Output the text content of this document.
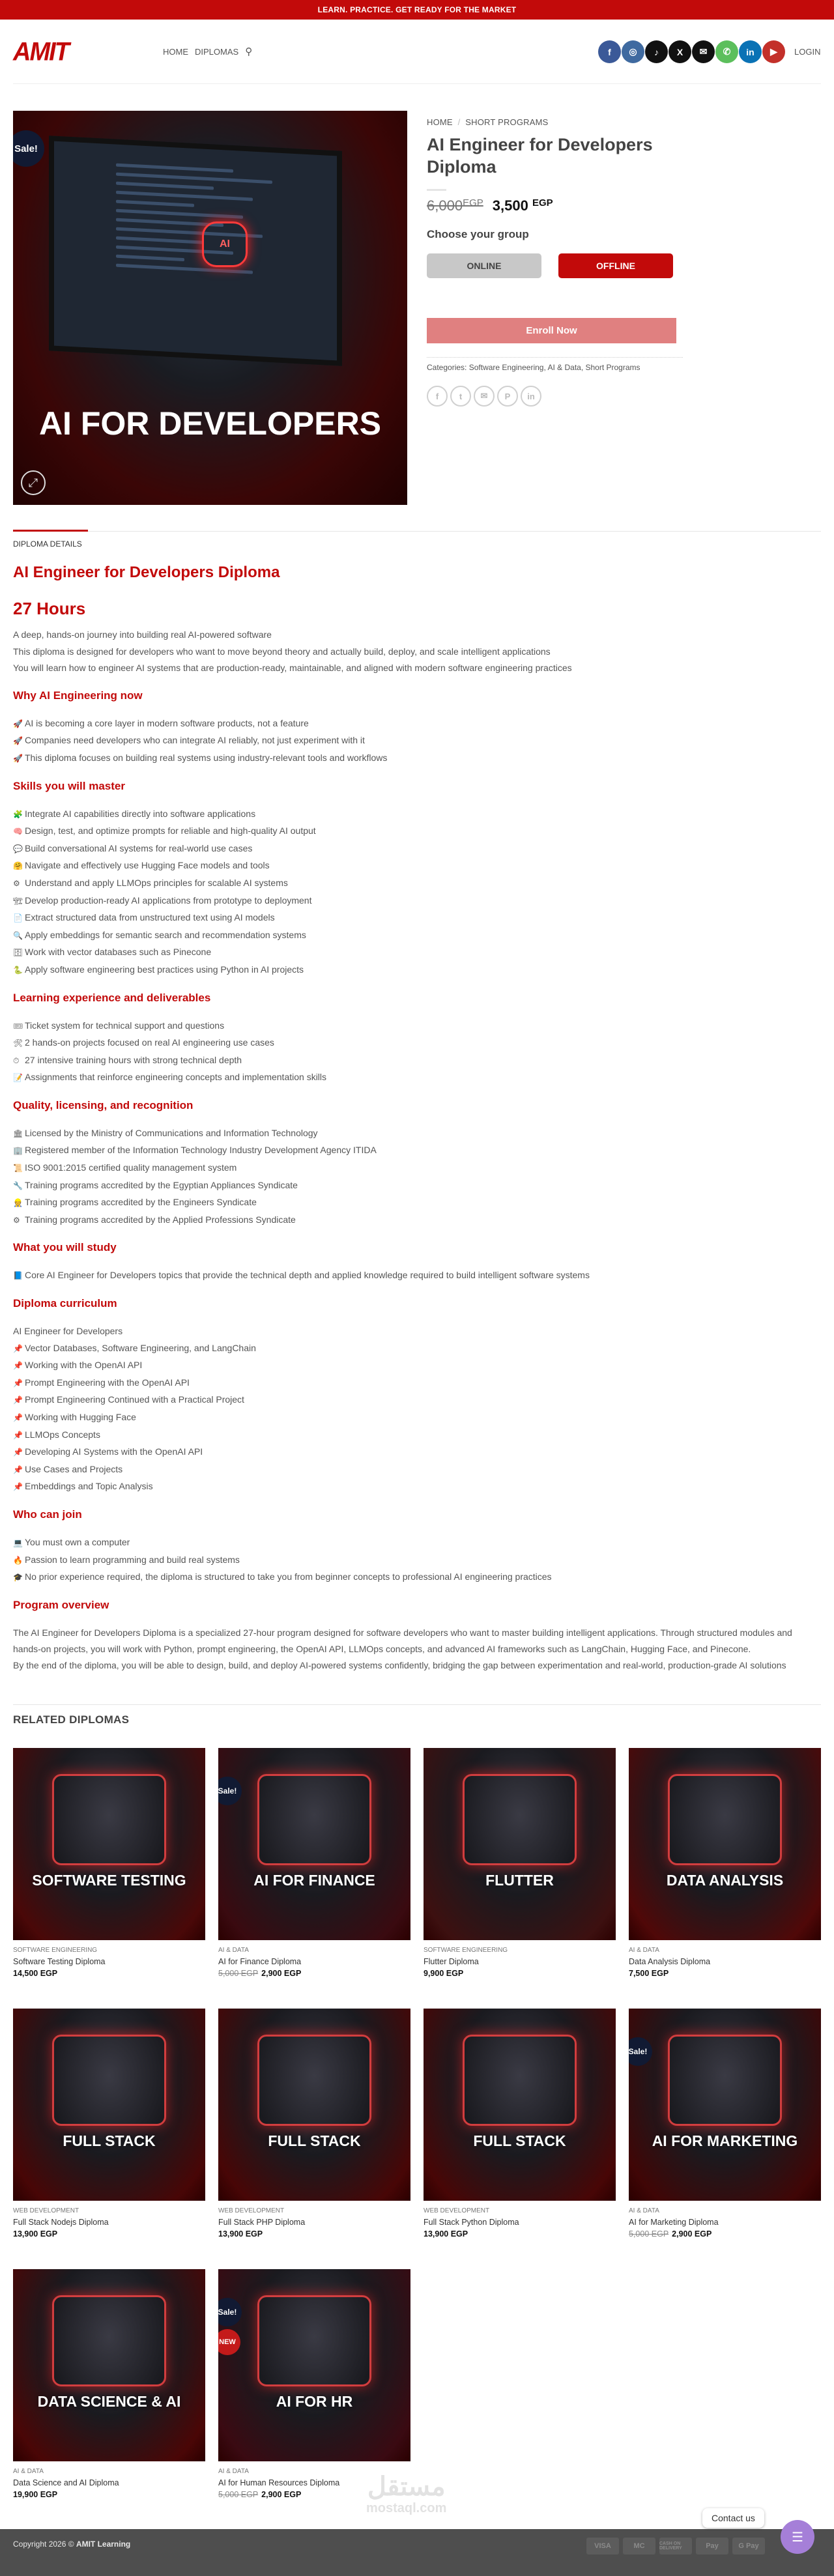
LEARN. PRACTICE. GET READY FOR THE MARKET
AMIT	HOME DIPLOMAS ⚲	f	◎	♪	X	✉	✆	in	▶	LOGIN
AI
AI FOR DEVELOPERS
Sale!
⤢
HOME / SHORT PROGRAMS
AI Engineer for Developers Diploma
$6,000^{EGP}$ 3,500 $^{EGP}$
Choose your group
ONLINE	OFFLINE
Enroll Now
Categories: Software Engineering, AI & Data, Short Programs
f	t	✉	P	in
DIPLOMA DETAILS
AI Engineer for Developers Diploma
27 Hours

A deep, hands-on journey into building real AI-powered software

This diploma is designed for developers who want to move beyond theory and actually build, deploy, and scale intelligent applications

You will learn how to engineer AI systems that are production-ready, maintainable, and aligned with modern software engineering practices

Why AI Engineering now
🚀 AI is becoming a core layer in modern software products, not a feature
🚀 Companies need developers who can integrate AI reliably, not just experiment with it
🚀 This diploma focuses on building real systems using industry-relevant tools and workflows
Skills you will master
🧩 Integrate AI capabilities directly into software applications
🧠 Design, test, and optimize prompts for reliable and high-quality AI output
💬 Build conversational AI systems for real-world use cases
🤗 Navigate and effectively use Hugging Face models and tools
⚙ Understand and apply LLMOps principles for scalable AI systems
🏗 Develop production-ready AI applications from prototype to deployment
📄 Extract structured data from unstructured text using AI models
🔍 Apply embeddings for semantic search and recommendation systems
🗄 Work with vector databases such as Pinecone
🐍 Apply software engineering best practices using Python in AI projects
Learning experience and deliverables
🎟 Ticket system for technical support and questions
🛠 2 hands-on projects focused on real AI engineering use cases
⏱ 27 intensive training hours with strong technical depth
📝 Assignments that reinforce engineering concepts and implementation skills
Quality, licensing, and recognition
🏛 Licensed by the Ministry of Communications and Information Technology
🏢 Registered member of the Information Technology Industry Development Agency ITIDA
📜 ISO 9001:2015 certified quality management system
🔧 Training programs accredited by the Egyptian Appliances Syndicate
👷 Training programs accredited by the Engineers Syndicate
⚙ Training programs accredited by the Applied Professions Syndicate
What you will study
📘 Core AI Engineer for Developers topics that provide the technical depth and applied knowledge required to build intelligent software systems
Diploma curriculum
AI Engineer for Developers
📌 Vector Databases, Software Engineering, and LangChain
📌 Working with the OpenAI API
📌 Prompt Engineering with the OpenAI API
📌 Prompt Engineering Continued with a Practical Project
📌 Working with Hugging Face
📌 LLMOps Concepts
📌 Developing AI Systems with the OpenAI API
📌 Use Cases and Projects
📌 Embeddings and Topic Analysis
Who can join
💻 You must own a computer
🔥 Passion to learn programming and build real systems
🎓 No prior experience required, the diploma is structured to take you from beginner concepts to professional AI engineering practices
Program overview

The AI Engineer for Developers Diploma is a specialized 27-hour program designed for software developers who want to master building intelligent applications. Through structured modules and hands-on projects, you will work with Python, prompt engineering, the OpenAI API, LLMOps concepts, and advanced AI frameworks such as LangChain, Hugging Face, and Pinecone.

By the end of the diploma, you will be able to design, build, and deploy AI-powered systems confidently, bridging the gap between experimentation and real-world, production-grade AI solutions

RELATED DIPLOMAS
SOFTWARE TESTING
SOFTWARE ENGINEERING
Software Testing Diploma
14,500 EGP
AI FOR FINANCE
Sale!
AI & DATA
AI for Finance Diploma
5,000 EGP 2,900 EGP
FLUTTER
SOFTWARE ENGINEERING
Flutter Diploma
9,900 EGP
DATA ANALYSIS
AI & DATA
Data Analysis Diploma
7,500 EGP
FULL STACK
WEB DEVELOPMENT
Full Stack Nodejs Diploma
13,900 EGP
FULL STACK
WEB DEVELOPMENT
Full Stack PHP Diploma
13,900 EGP
FULL STACK
WEB DEVELOPMENT
Full Stack Python Diploma
13,900 EGP
AI FOR MARKETING
Sale!
AI & DATA
AI for Marketing Diploma
5,000 EGP 2,900 EGP
DATA SCIENCE & AI
AI & DATA
Data Science and AI Diploma
19,900 EGP
AI FOR HR
Sale!
NEW
AI & DATA
AI for Human Resources Diploma
5,000 EGP 2,900 EGP	مستقل
mostaql.com
Copyright 2026 © AMIT Learning	VISA	MC	CASH ON DELIVERY	Pay	G Pay
Contact us
☰
